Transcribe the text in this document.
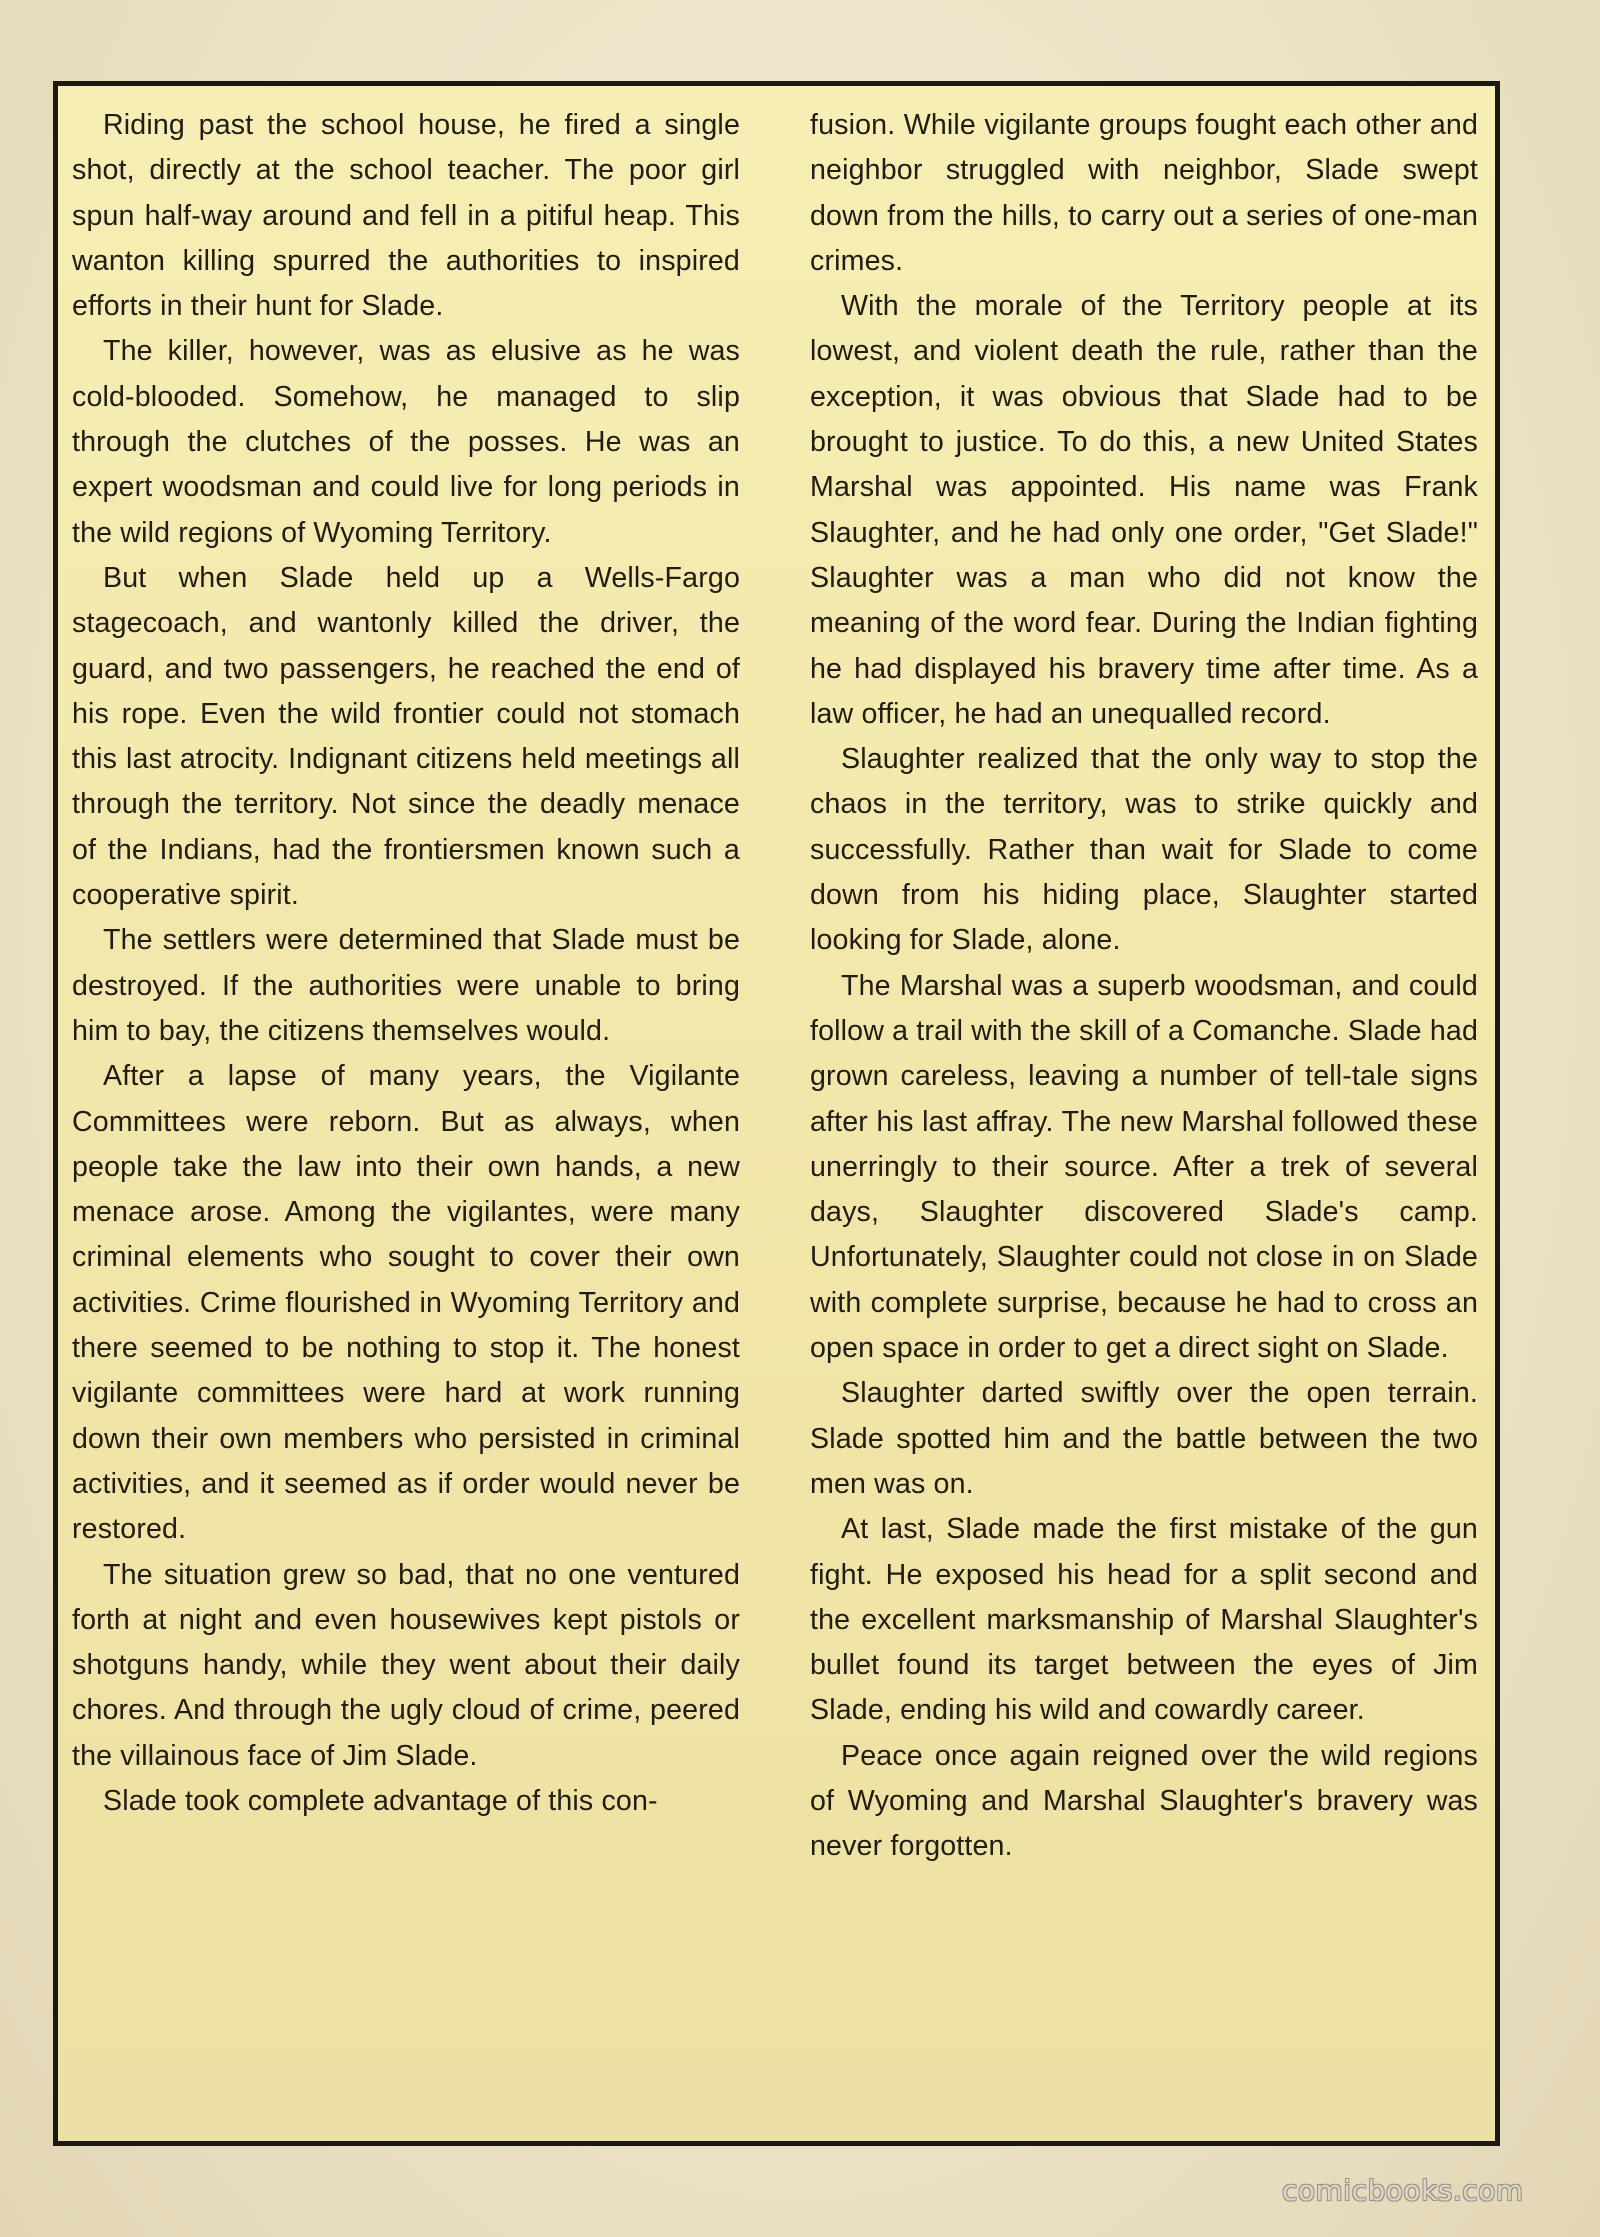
Riding past the school house, he fired a single shot, directly at the school teacher. The poor girl spun half-way around and fell in a pitiful heap. This wanton killing spurred the authorities to inspired efforts in their hunt for Slade.

The killer, however, was as elusive as he was cold-blooded. Somehow, he managed to slip through the clutches of the posses. He was an expert woodsman and could live for long periods in the wild regions of Wyoming Territory.

But when Slade held up a Wells-Fargo stagecoach, and wantonly killed the driver, the guard, and two passengers, he reached the end of his rope. Even the wild frontier could not stomach this last atrocity. Indignant citizens held meetings all through the territory. Not since the deadly menace of the Indians, had the frontiersmen known such a cooperative spirit.

The settlers were determined that Slade must be destroyed. If the authorities were unable to bring him to bay, the citizens themselves would.

After a lapse of many years, the Vigilante Committees were reborn. But as always, when people take the law into their own hands, a new menace arose. Among the vigilantes, were many criminal elements who sought to cover their own activities. Crime flourished in Wyoming Territory and there seemed to be nothing to stop it. The honest vigilante committees were hard at work running down their own members who persisted in criminal activities, and it seemed as if order would never be restored.

The situation grew so bad, that no one ventured forth at night and even housewives kept pistols or shotguns handy, while they went about their daily chores. And through the ugly cloud of crime, peered the villainous face of Jim Slade.

Slade took complete advantage of this con-

fusion. While vigilante groups fought each other and neighbor struggled with neighbor, Slade swept down from the hills, to carry out a series of one-man crimes.

With the morale of the Territory people at its lowest, and violent death the rule, rather than the exception, it was obvious that Slade had to be brought to justice. To do this, a new United States Marshal was appointed. His name was Frank Slaughter, and he had only one order, "Get Slade!" Slaughter was a man who did not know the meaning of the word fear. During the Indian fighting he had displayed his bravery time after time. As a law officer, he had an unequalled record.

Slaughter realized that the only way to stop the chaos in the territory, was to strike quickly and successfully. Rather than wait for Slade to come down from his hiding place, Slaughter started looking for Slade, alone.

The Marshal was a superb woodsman, and could follow a trail with the skill of a Comanche. Slade had grown careless, leaving a number of tell-tale signs after his last affray. The new Marshal followed these unerringly to their source. After a trek of several days, Slaughter discovered Slade's camp. Unfortunately, Slaughter could not close in on Slade with complete surprise, because he had to cross an open space in order to get a direct sight on Slade.

Slaughter darted swiftly over the open terrain. Slade spotted him and the battle between the two men was on.

At last, Slade made the first mistake of the gun fight. He exposed his head for a split second and the excellent marksmanship of Marshal Slaughter's bullet found its target between the eyes of Jim Slade, ending his wild and cowardly career.

Peace once again reigned over the wild regions of Wyoming and Marshal Slaughter's bravery was never forgotten.

comicbooks.com
